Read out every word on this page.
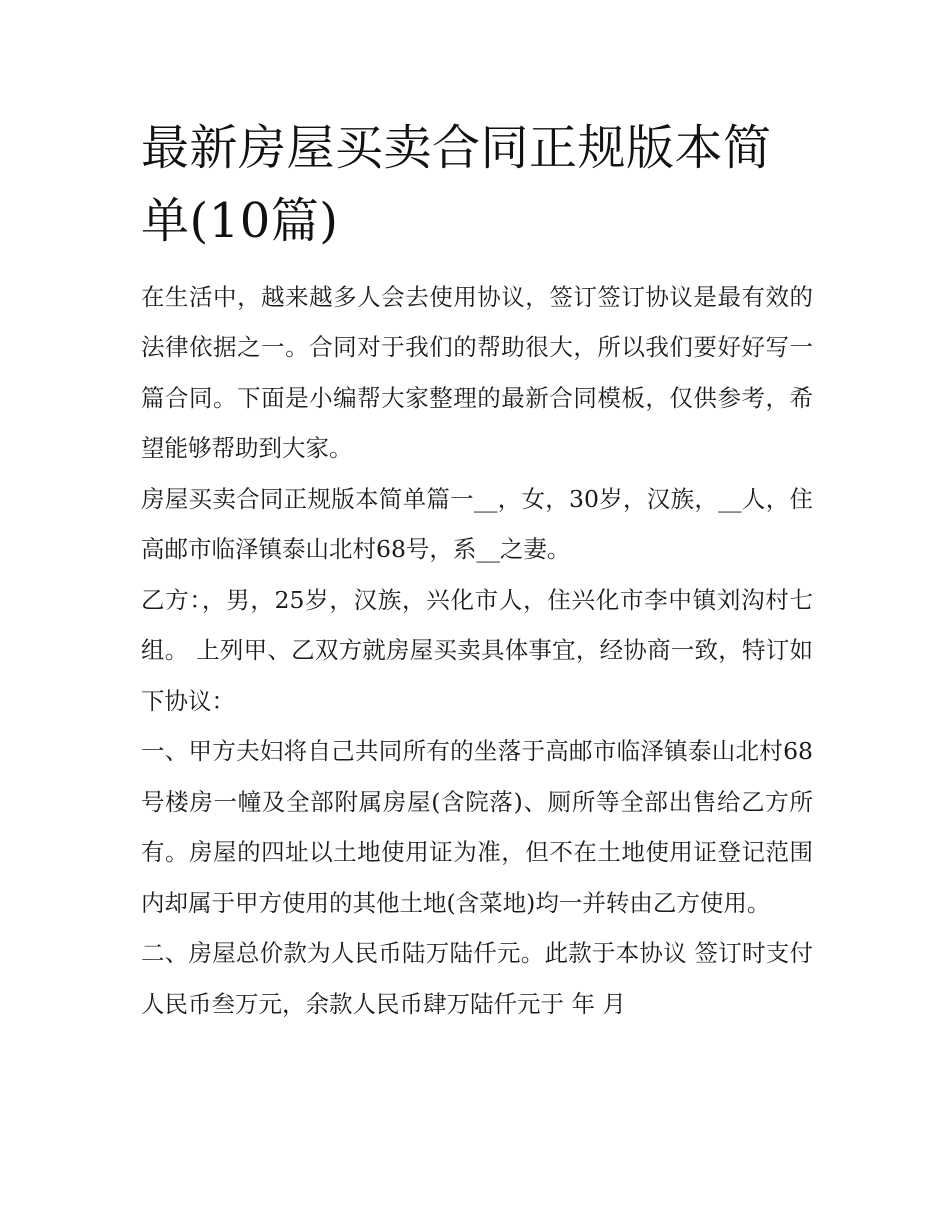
最新房屋买卖合同正规版本简单(10篇)

在生活中，越来越多人会去使用协议，签订签订协议是最有效的法律依据之一。合同对于我们的帮助很大，所以我们要好好写一篇合同。下面是小编帮大家整理的最新合同模板，仅供参考，希望能够帮助到大家。

房屋买卖合同正规版本简单篇一__，女，30岁，汉族，__人，住高邮市临泽镇泰山北村68号，系__之妻。

乙方：，男，25岁，汉族，兴化市人，住兴化市李中镇刘沟村七组。 上列甲、乙双方就房屋买卖具体事宜，经协商一致，特订如下协议：

一、甲方夫妇将自己共同所有的坐落于高邮市临泽镇泰山北村68号楼房一幢及全部附属房屋(含院落)、厕所等全部出售给乙方所有。房屋的四址以土地使用证为准，但不在土地使用证登记范围内却属于甲方使用的其他土地(含菜地)均一并转由乙方使用。

二、房屋总价款为人民币陆万陆仟元。此款于本协议 签订时支付人民币叁万元，余款人民币肆万陆仟元于 年 月
